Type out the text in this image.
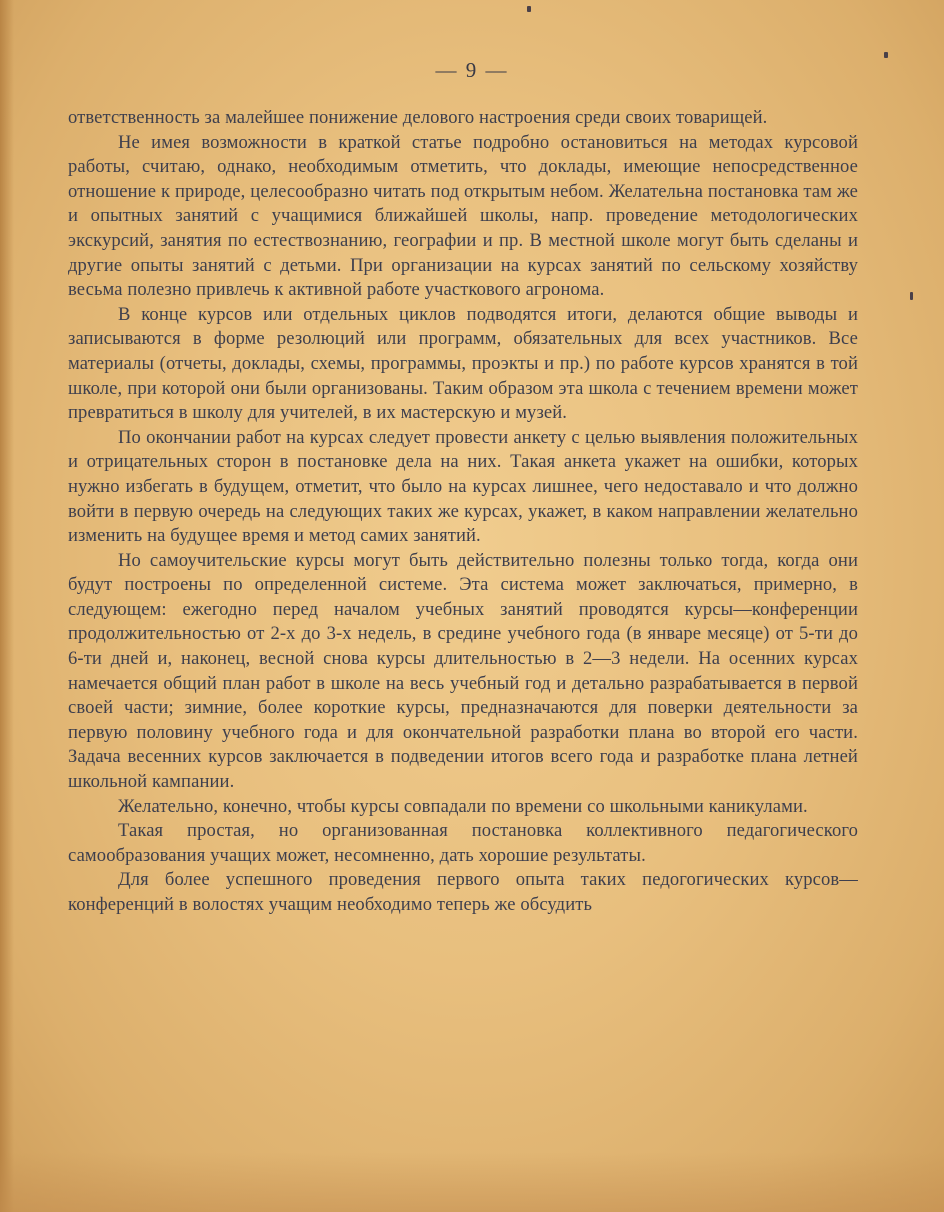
— 9 —

ответственность за малейшее понижение делового настроения среди своих товарищей.

Не имея возможности в краткой статье подробно остановиться на методах курсовой работы, считаю, однако, необходимым отметить, что доклады, имеющие непосредственное отношение к природе, целесообразно читать под открытым небом. Желательна постановка там же и опытных занятий с учащимися ближайшей школы, напр. проведение методологических экскурсий, занятия по естествознанию, географии и пр. В местной школе могут быть сделаны и другие опыты занятий с детьми. При организации на курсах занятий по сельскому хозяйству весьма полезно привлечь к активной работе участкового агронома.

В конце курсов или отдельных циклов подводятся итоги, делаются общие выводы и записываются в форме резолюций или программ, обязательных для всех участников. Все материалы (отчеты, доклады, схемы, программы, проэкты и пр.) по работе курсов хранятся в той школе, при которой они были организованы. Таким образом эта школа с течением времени может превратиться в школу для учителей, в их мастерскую и музей.

По окончании работ на курсах следует провести анкету с целью выявления положительных и отрицательных сторон в постановке дела на них. Такая анкета укажет на ошибки, которых нужно избегать в будущем, отметит, что было на курсах лишнее, чего недоставало и что должно войти в первую очередь на следующих таких же курсах, укажет, в каком направлении желательно изменить на будущее время и метод самих занятий.

Но самоучительские курсы могут быть действительно полезны только тогда, когда они будут построены по определенной системе. Эта система может заключаться, примерно, в следующем: ежегодно перед началом учебных занятий проводятся курсы—конференции продолжительностью от 2-х до 3-х недель, в средине учебного года (в январе месяце) от 5-ти до 6-ти дней и, наконец, весной снова курсы длительностью в 2—3 недели. На осенних курсах намечается общий план работ в школе на весь учебный год и детально разрабатывается в первой своей части; зимние, более короткие курсы, предназначаются для поверки деятельности за первую половину учебного года и для окончательной разработки плана во второй его части. Задача весенних курсов заключается в подведении итогов всего года и разработке плана летней школьной кампании.

Желательно, конечно, чтобы курсы совпадали по времени со школьными каникулами.

Такая простая, но организованная постановка коллективного педагогического самообразования учащих может, несомненно, дать хорошие результаты.

Для более успешного проведения первого опыта таких педогогических курсов—конференций в волостях учащим необходимо теперь же обсудить
